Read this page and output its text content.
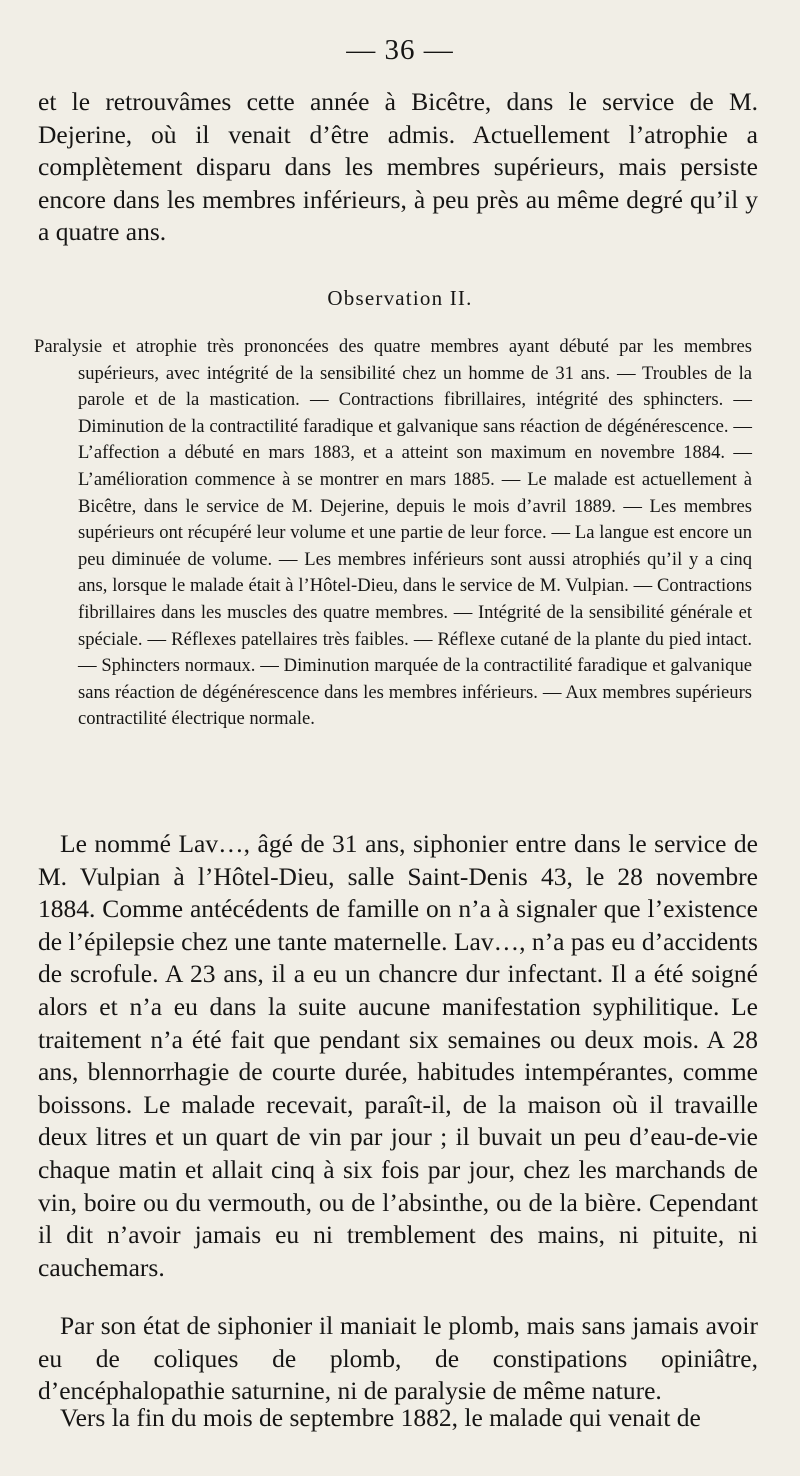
— 36 —
et le retrouvâmes cette année à Bicêtre, dans le service de M. Dejerine, où il venait d’être admis. Actuellement l’atrophie a complètement disparu dans les membres supérieurs, mais persiste encore dans les membres inférieurs, à peu près au même degré qu’il y a quatre ans.
Observation II.
Paralysie et atrophie très prononcées des quatre membres ayant débuté par les membres supérieurs, avec intégrité de la sensibilité chez un homme de 31 ans. — Troubles de la parole et de la mastication. — Contractions fibrillaires, intégrité des sphincters. — Diminution de la contractilité faradique et galvanique sans réaction de dégénérescence. — L’affection a débuté en mars 1883, et a atteint son maximum en novembre 1884. — L’amélioration commence à se montrer en mars 1885. — Le malade est actuellement à Bicêtre, dans le service de M. Dejerine, depuis le mois d’avril 1889. — Les membres supérieurs ont récupéré leur volume et une partie de leur force. — La langue est encore un peu diminuée de volume. — Les membres inférieurs sont aussi atrophiés qu’il y a cinq ans, lorsque le malade était à l’Hôtel-Dieu, dans le service de M. Vulpian. — Contractions fibrillaires dans les muscles des quatre membres. — Intégrité de la sensibilité générale et spéciale. — Réflexes patellaires très faibles. — Réflexe cutané de la plante du pied intact. — Sphincters normaux. — Diminution marquée de la contractilité faradique et galvanique sans réaction de dégénérescence dans les membres inférieurs. — Aux membres supérieurs contractilité électrique normale.
Le nommé Lav…, âgé de 31 ans, siphonier entre dans le service de M. Vulpian à l’Hôtel-Dieu, salle Saint-Denis 43, le 28 novembre 1884. Comme antécédents de famille on n’a à signaler que l’existence de l’épilepsie chez une tante maternelle. Lav…, n’a pas eu d’accidents de scrofule. A 23 ans, il a eu un chancre dur infectant. Il a été soigné alors et n’a eu dans la suite aucune manifestation syphilitique. Le traitement n’a été fait que pendant six semaines ou deux mois. A 28 ans, blennorrhagie de courte durée, habitudes intempérantes, comme boissons. Le malade recevait, paraît-il, de la maison où il travaille deux litres et un quart de vin par jour ; il buvait un peu d’eau-de-vie chaque matin et allait cinq à six fois par jour, chez les marchands de vin, boire ou du vermouth, ou de l’absinthe, ou de la bière. Cependant il dit n’avoir jamais eu ni tremblement des mains, ni pituite, ni cauchemars.
Par son état de siphonier il maniait le plomb, mais sans jamais avoir eu de coliques de plomb, de constipations opiniâtre, d’encéphalopathie saturnine, ni de paralysie de même nature.
Vers la fin du mois de septembre 1882, le malade qui venait de
